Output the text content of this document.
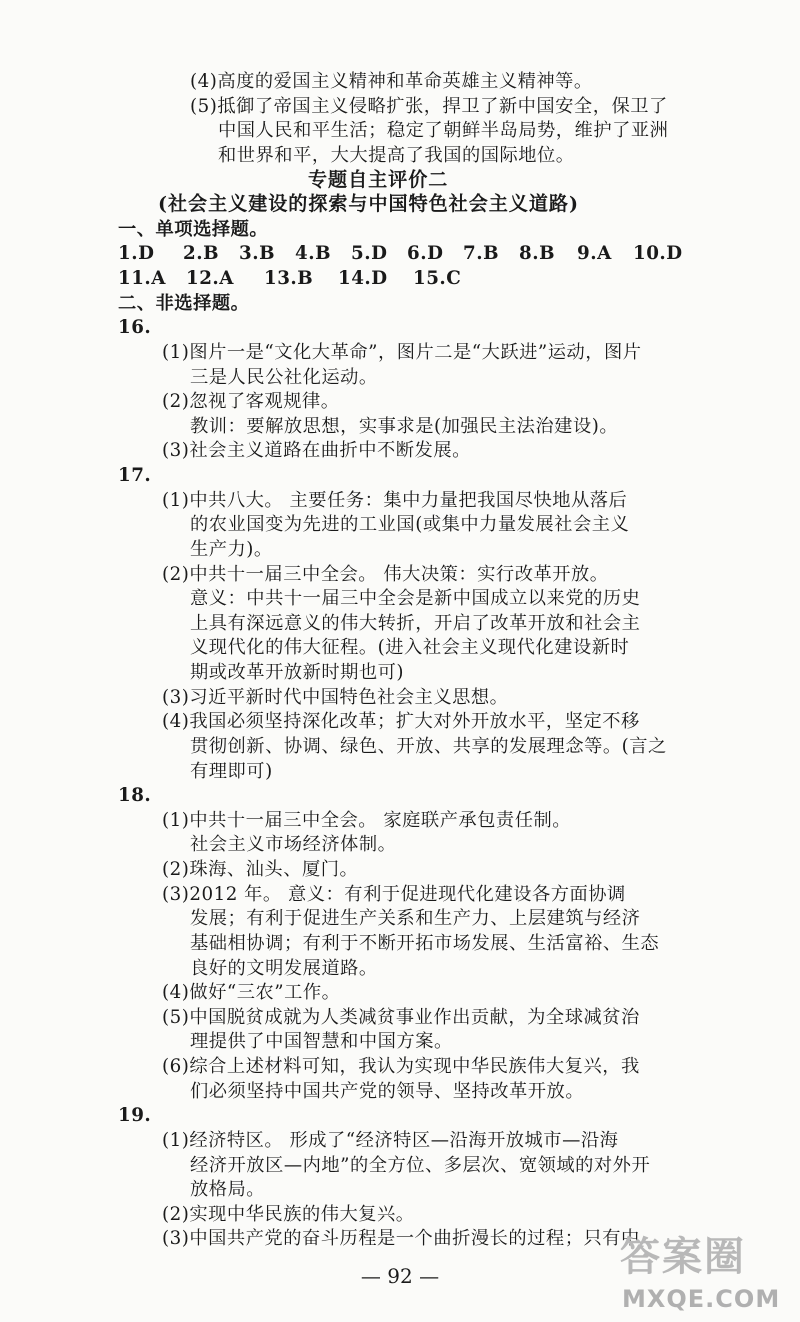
(4)高度的爱国主义精神和革命英雄主义精神等。
(5)抵御了帝国主义侵略扩张，捍卫了新中国安全，保卫了
中国人民和平生活；稳定了朝鲜半岛局势，维护了亚洲
和世界和平，大大提高了我国的国际地位。
专题自主评价二
(社会主义建设的探索与中国特色社会主义道路)
一、单项选择题。
1.D 2.B 3.B 4.B 5.D 6.D 7.B 8.B 9.A 10.D
11.A 12.A 13.B 14.D 15.C
二、非选择题。
16.
(1)图片一是“文化大革命”，图片二是“大跃进”运动，图片
三是人民公社化运动。
(2)忽视了客观规律。
教训：要解放思想，实事求是(加强民主法治建设)。
(3)社会主义道路在曲折中不断发展。
17.
(1)中共八大。 主要任务：集中力量把我国尽快地从落后
的农业国变为先进的工业国(或集中力量发展社会主义
生产力)。
(2)中共十一届三中全会。 伟大决策：实行改革开放。
意义：中共十一届三中全会是新中国成立以来党的历史
上具有深远意义的伟大转折，开启了改革开放和社会主
义现代化的伟大征程。(进入社会主义现代化建设新时
期或改革开放新时期也可)
(3)习近平新时代中国特色社会主义思想。
(4)我国必须坚持深化改革；扩大对外开放水平，坚定不移
贯彻创新、协调、绿色、开放、共享的发展理念等。(言之
有理即可)
18.
(1)中共十一届三中全会。 家庭联产承包责任制。
社会主义市场经济体制。
(2)珠海、汕头、厦门。
(3)2012 年。 意义：有利于促进现代化建设各方面协调
发展；有利于促进生产关系和生产力、上层建筑与经济
基础相协调；有利于不断开拓市场发展、生活富裕、生态
良好的文明发展道路。
(4)做好“三农”工作。
(5)中国脱贫成就为人类减贫事业作出贡献，为全球减贫治
理提供了中国智慧和中国方案。
(6)综合上述材料可知，我认为实现中华民族伟大复兴，我
们必须坚持中国共产党的领导、坚持改革开放。
19.
(1)经济特区。 形成了“经济特区—沿海开放城市—沿海
经济开放区—内地”的全方位、多层次、宽领域的对外开
放格局。
(2)实现中华民族的伟大复兴。
(3)中国共产党的奋斗历程是一个曲折漫长的过程；只有中
— 92 —	答案圈
MXQE.COM
